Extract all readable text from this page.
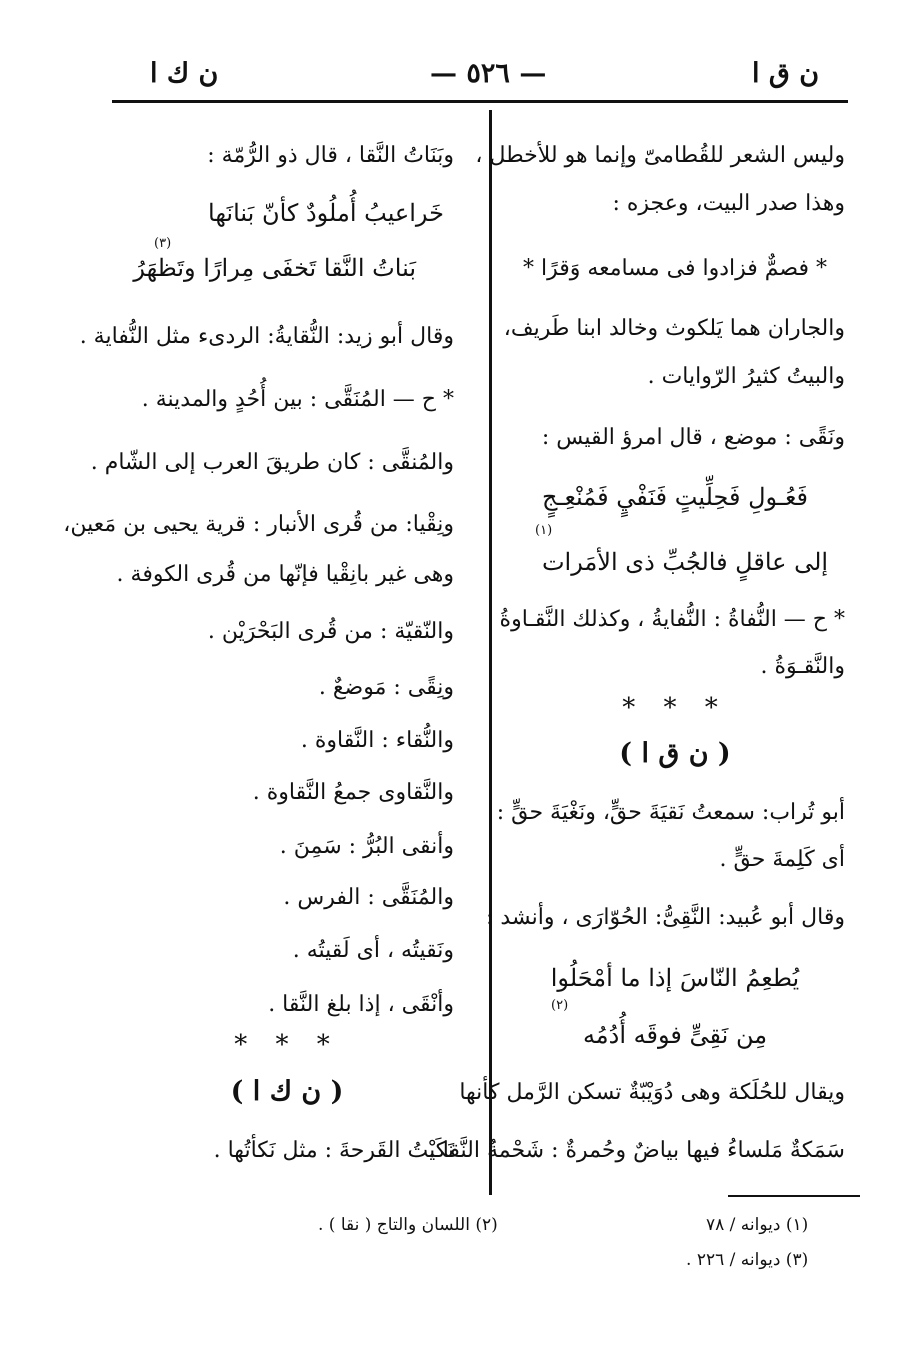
ن ق ا
— ٥٢٦ —
ن ك ا
وليس الشعر للقُطامىّ وإنما هو للأخطل ،
وهذا صدر البيت، وعجزه :
* فصمٌّ فزادوا فى مسامعه وَقرًا *
والجاران هما يَلكوث وخالد ابنا طَريف،
والبيتُ كثيرُ الرّوايات .
ونَقًى : موضع ، قال امرؤ القيس :
فَعُـولِ فَحِلِّيتٍ فَنَفْيٍ فَمُنْعِـجٍ
(١)
إلى عاقلٍ فالجُبِّ ذى الأمَرات
* ح — النُّفاةُ : النُّفايةُ ، وكذلك النَّقـاوةُ
والنَّقـوَةُ .
* * *
( ن ق ا )
أبو تُراب: سمعتُ نَقيَةَ حقٍّ، ونَغْيَةَ حقٍّ :
أى كَلِمةَ حقٍّ .
وقال أبو عُبيد: النَّقِىُّ: الحُوّارَى ، وأنشد :
يُطعِمُ النّاسَ إذا ما أمْحَلُوا
(٢)
مِن نَقِىٍّ فوقَه أُدُمُه
ويقال للحُلَكة وهى دُوَيْبّةٌ تسكن الرَّمل كأنها
سَمَكةٌ مَلساءُ فيها بياضٌ وحُمرةٌ : شَحْمةُ النَّقا .
وبَنَاتُ النَّقا ، قال ذو الرُّمّة :
خَراعيبُ أُملُودٌ كأنّ بَنانَها
(٣)
بَناتُ النَّقا تَخفَى مِرارًا وتَظهَرُ
وقال أبو زيد: النُّقايةُ: الردىء مثل النُّفاية .
* ح — المُنَقَّى : بين أُحُدٍ والمدينة .
والمُنقَّى : كان طريقَ العرب إلى الشّام .
ونِقْيا: من قُرى الأنبار : قرية يحيى بن مَعين،
وهى غير بانِقْيا فإنّها من قُرى الكوفة .
والنّقيّة : من قُرى البَحْرَيْن .
ونِقًى : مَوضعٌ .
والنُّقاء : النَّقاوة .
والنَّقاوى جمعُ النَّقاوة .
وأنقى البُرُّ : سَمِنَ .
والمُنَقَّى : الفرس .
ونَقيتُه ، أى لَقيتُه .
وأنْقَى ، إذا بلغ النَّقا .
* * *
( ن ك ا )
نَكَيْتُ القَرحةَ : مثل نَكأتُها .
(١) ديوانه / ٧٨
(٣) ديوانه / ٢٢٦ .
(٢) اللسان والتاج ( نقا ) .
